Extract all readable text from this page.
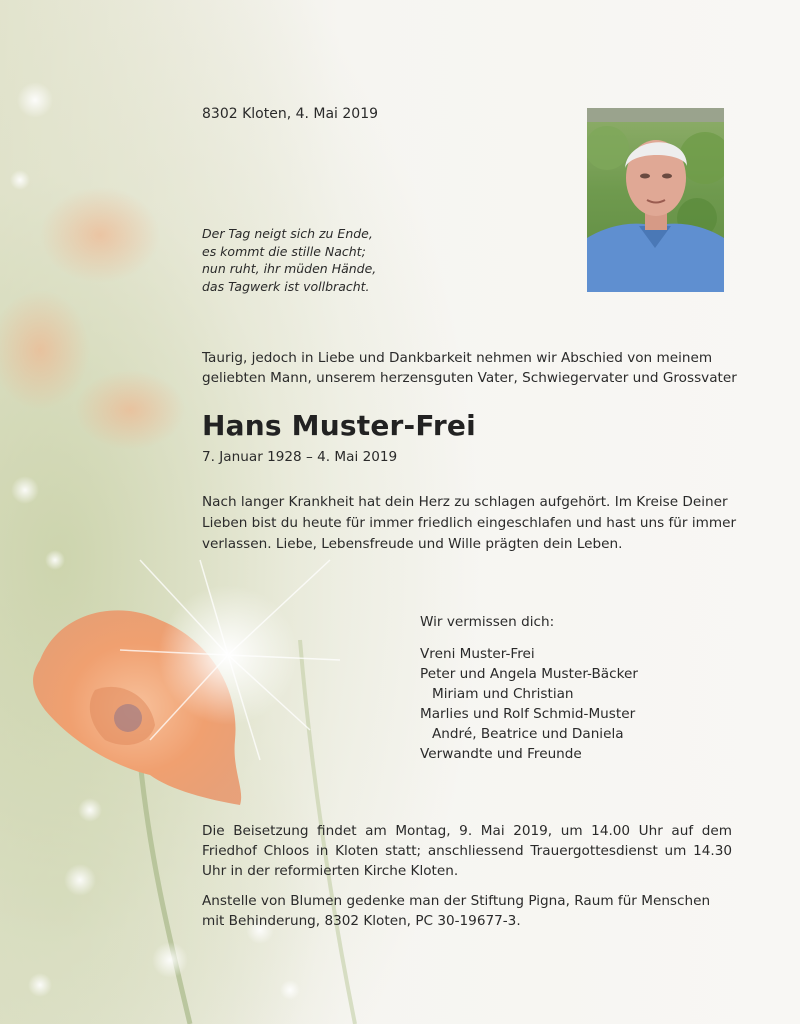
8302 Kloten, 4. Mai 2019
Der Tag neigt sich zu Ende,
es kommt die stille Nacht;
nun ruht, ihr müden Hände,
das Tagwerk ist vollbracht.
Taurig, jedoch in Liebe und Dankbarkeit nehmen wir Abschied von meinem geliebten Mann, unserem herzensguten Vater, Schwiegervater und Grossvater
Hans Muster-Frei
7. Januar 1928 – 4. Mai 2019
Nach langer Krankheit hat dein Herz zu schlagen aufgehört. Im Kreise Deiner Lieben bist du heute für immer friedlich eingeschlafen und hast uns für immer verlassen. Liebe, Lebensfreude und Wille prägten dein Leben.
Wir vermissen dich:
Vreni Muster-Frei
Peter und Angela Muster-Bäcker
Miriam und Christian
Marlies und Rolf Schmid-Muster
André, Beatrice und Daniela
Verwandte und Freunde
Die Beisetzung findet am Montag, 9. Mai 2019, um 14.00 Uhr auf dem Friedhof Chloos in Kloten statt; anschliessend Trauergottesdienst um 14.30 Uhr in der reformierten Kirche Kloten.
Anstelle von Blumen gedenke man der Stiftung Pigna, Raum für Menschen mit Behinderung, 8302 Kloten, PC 30-19677-3.
